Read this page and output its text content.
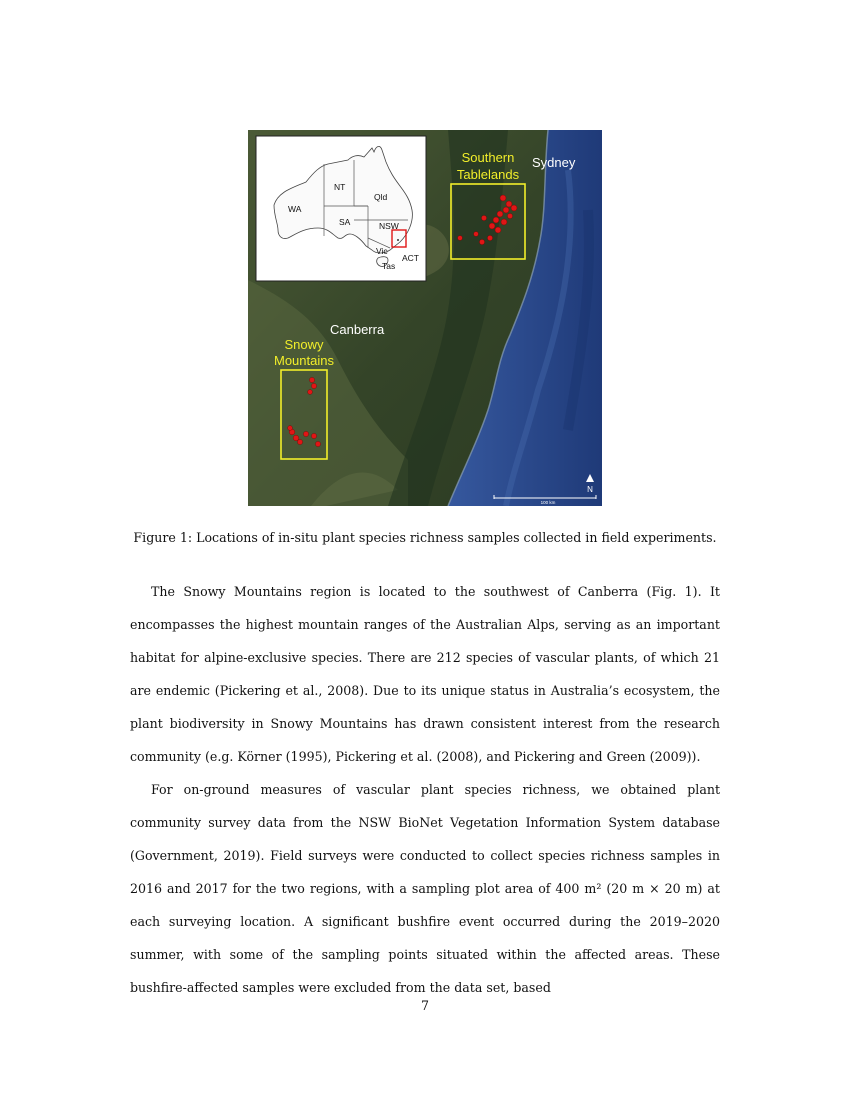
NT
Qld
WA
SA	NSW
Vic
ACT
Tas
Southern
Tablelands
Sydney
Canberra
Snowy
Mountains
N
100 km
Figure 1: Locations of in-situ plant species richness samples collected in field experiments.

The Snowy Mountains region is located to the southwest of Canberra (Fig. 1). It encompasses the highest mountain ranges of the Australian Alps, serving as an important habitat for alpine-exclusive species. There are 212 species of vascular plants, of which 21 are endemic (Pickering et al., 2008). Due to its unique status in Australia’s ecosystem, the plant biodiversity in Snowy Mountains has drawn consistent interest from the research community (e.g. Körner (1995), Pickering et al. (2008), and Pickering and Green (2009)).

For on-ground measures of vascular plant species richness, we obtained plant community survey data from the NSW BioNet Vegetation Information System database (Government, 2019). Field surveys were conducted to collect species richness samples in 2016 and 2017 for the two regions, with a sampling plot area of 400 m² (20 m × 20 m) at each surveying location. A significant bushfire event occurred during the 2019–2020 summer, with some of the sampling points situated within the affected areas. These bushfire-affected samples were excluded from the data set, based

7
